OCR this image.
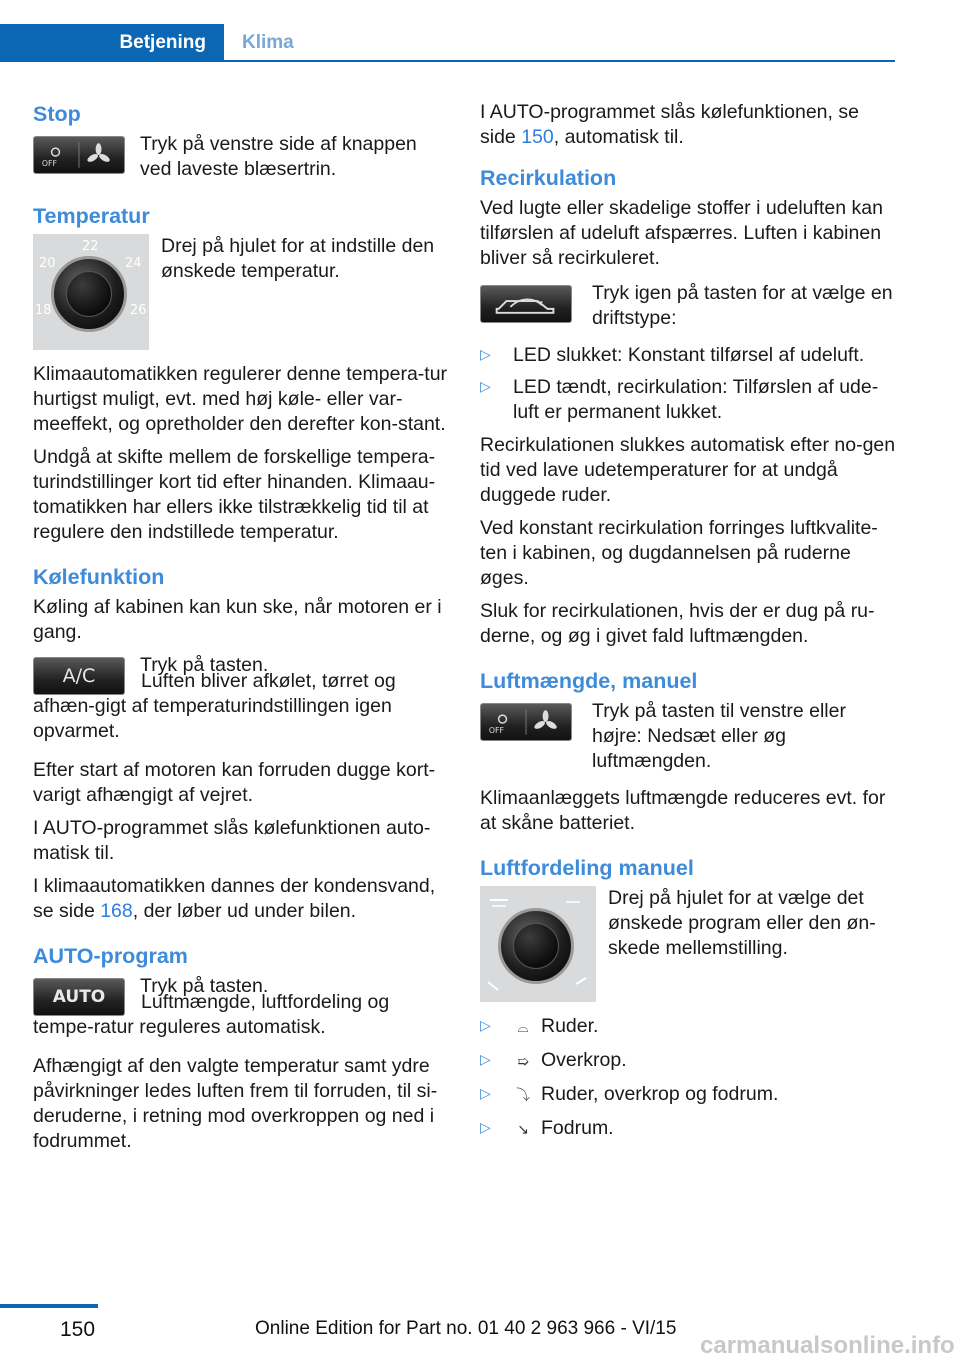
Betjening	Klima
Stop
OFF
Tryk på venstre side af knappen ved laveste blæsertrin.
Temperatur
22
20	24
18	26
Drej på hjulet for at indstille den ønskede temperatur.

Klimaautomatikken regulerer denne tempera-tur hurtigst muligt, evt. med høj køle- eller var-meeffekt, og opretholder den derefter kon-stant.

Undgå at skifte mellem de forskellige tempera-turindstillinger kort tid efter hinanden. Klimaau-tomatikken har ellers ikke tilstrækkelig tid til at regulere den indstillede temperatur.

Kølefunktion

Køling af kabinen kan kun ske, når motoren er i gang.

A/C Tryk på tasten.

Luften bliver afkølet, tørret og afhæn-gigt af temperaturindstillingen igen opvarmet.

Efter start af motoren kan forruden dugge kort-varigt afhængigt af vejret.

I AUTO-programmet slås kølefunktionen auto-matisk til.

I klimaautomatikken dannes der kondensvand, se side 168, der løber ud under bilen.

AUTO-program
AUTO Tryk på tasten.

Luftmængde, luftfordeling og tempe-ratur reguleres automatisk.

Afhængigt af den valgte temperatur samt ydre påvirkninger ledes luften frem til forruden, til si-deruderne, i retning mod overkroppen og ned i fodrummet.

I AUTO-programmet slås kølefunktionen, se side 150, automatisk til.

Recirkulation

Ved lugte eller skadelige stoffer i udeluften kan tilførslen af udeluft afspærres. Luften i kabinen bliver så recirkuleret.

Tryk igen på tasten for at vælge en driftstype:
▷ LED slukket: Konstant tilførsel af udeluft.
▷ LED tændt, recirkulation: Tilførslen af ude-luft er permanent lukket.

Recirkulationen slukkes automatisk efter no-gen tid ved lave udetemperaturer for at undgå duggede ruder.

Ved konstant recirkulation forringes luftkvalite-ten i kabinen, og dugdannelsen på ruderne øges.

Sluk for recirkulationen, hvis der er dug på ru-derne, og øg i givet fald luftmængden.

Luftmængde, manuel
OFF
Tryk på tasten til venstre eller højre: Nedsæt eller øg luftmængden.

Klimaanlæggets luftmængde reduceres evt. for at skåne batteriet.

Luftfordeling manuel
Drej på hjulet for at vælge det ønskede program eller den øn-skede mellemstilling.
▷ ⌓ Ruder.
▷ ➯ Overkrop.
▷ ⤵ Ruder, overkrop og fodrum.
▷ ↘ Fodrum.
150	Online Edition for Part no. 01 40 2 963 966 - VI/15
carmanualsonline.info
